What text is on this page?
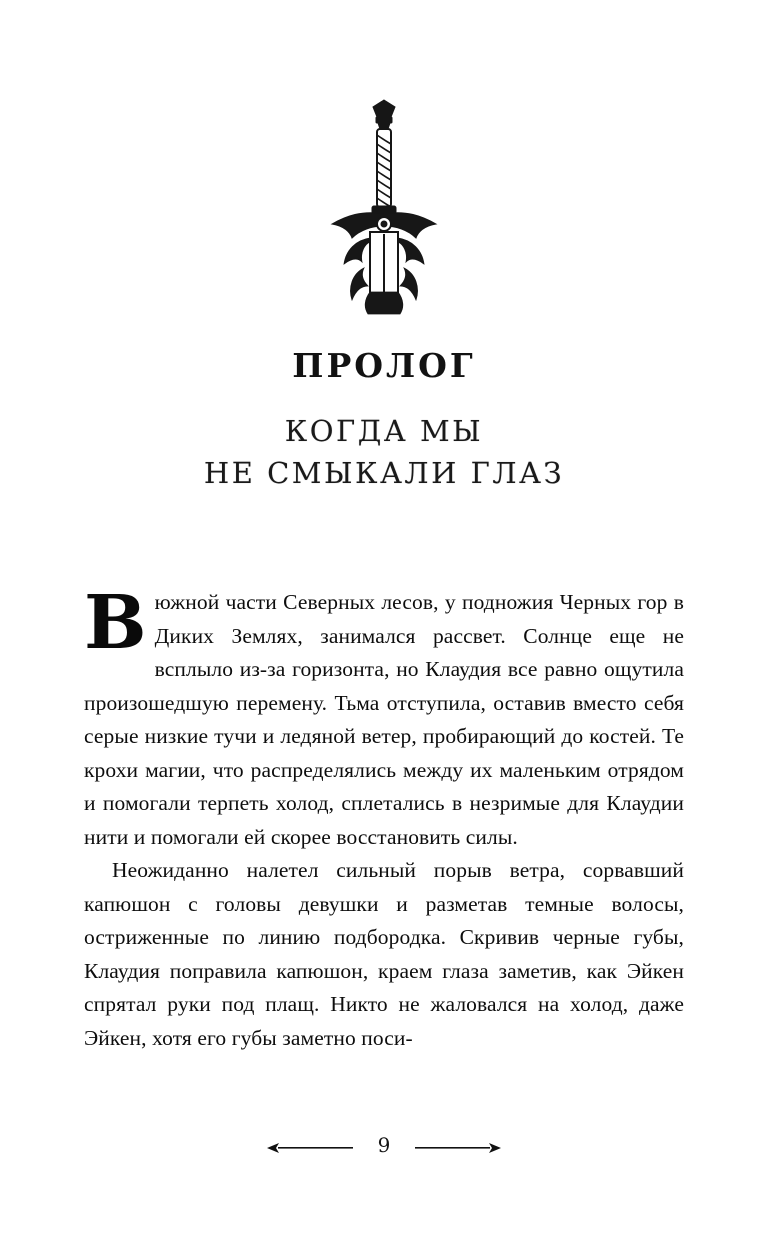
ПРОЛОГ
КОГДА МЫ
НЕ СМЫКАЛИ ГЛАЗ

Вюжной части Северных лесов, у подножия Черных гор в Диких Землях, занимался рассвет. Солнце еще не всплыло из-за горизонта, но Клаудия все равно ощутила произошедшую перемену. Тьма отступила, оставив вместо себя серые низкие тучи и ледяной ветер, пробирающий до костей. Те крохи магии, что распределялись между их маленьким отрядом и помогали терпеть холод, сплетались в незримые для Клаудии нити и помогали ей скорее восстановить силы.

Неожиданно налетел сильный порыв ветра, сорвавший капюшон с головы девушки и разметав темные волосы, остриженные по линию подбородка. Скривив черные губы, Клаудия поправила капюшон, краем глаза заметив, как Эйкен спрятал руки под плащ. Никто не жаловался на холод, даже Эйкен, хотя его губы заметно поси-

9
